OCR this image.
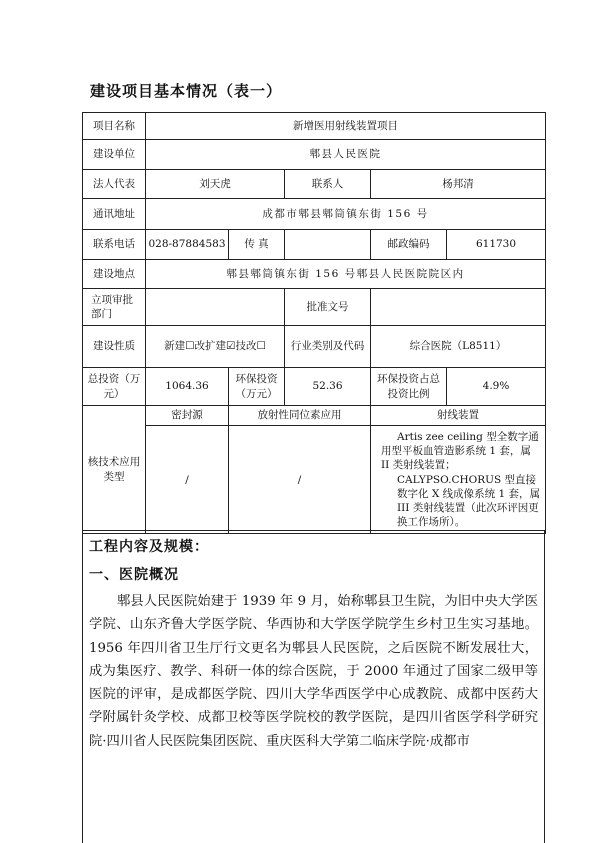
建设项目基本情况（表一）
项目名称	新增医用射线装置项目				
建设单位	郫县人民医院				
法人代表	刘天虎		联系人	杨邦清	
通讯地址	成都市郫县郫筒镇东街 156 号				
联系电话	028-87884583	传 真		邮政编码	611730
建设地点	郫县郫筒镇东街 156 号郫县人民医院院区内				
立项审批部门			批准文号		
建设性质	新建☐改扩建☑技改☐		行业类别及代码	综合医院（L8511）	
总投资（万元）	1064.36	环保投资（万元）	52.36	环保投资占总投资比例	4.9%
核技术应用类型	密封源	放射性同位素应用		射线装置	
	/	/		Artis zee ceiling 型全数字通用型平板血管造影系统 1 套，属 II 类射线装置；

CALYPSO.CHORUS 型直接数字化 X 线成像系统 1 套，属 III 类射线装置（此次环评因更换工作场所）。	

工程内容及规模：
一、医院概况
郫县人民医院始建于 1939 年 9 月，始称郫县卫生院，为旧中央大学医学院、山东齐鲁大学医学院、华西协和大学医学院学生乡村卫生实习基地。1956 年四川省卫生厅行文更名为郫县人民医院，之后医院不断发展壮大，成为集医疗、教学、科研一体的综合医院，于 2000 年通过了国家二级甲等医院的评审，是成都医学院、四川大学华西医学中心成教院、成都中医药大学附属针灸学校、成都卫校等医学院校的教学医院，是四川省医学科学研究院·四川省人民医院集团医院、重庆医科大学第二临床学院·成都市
